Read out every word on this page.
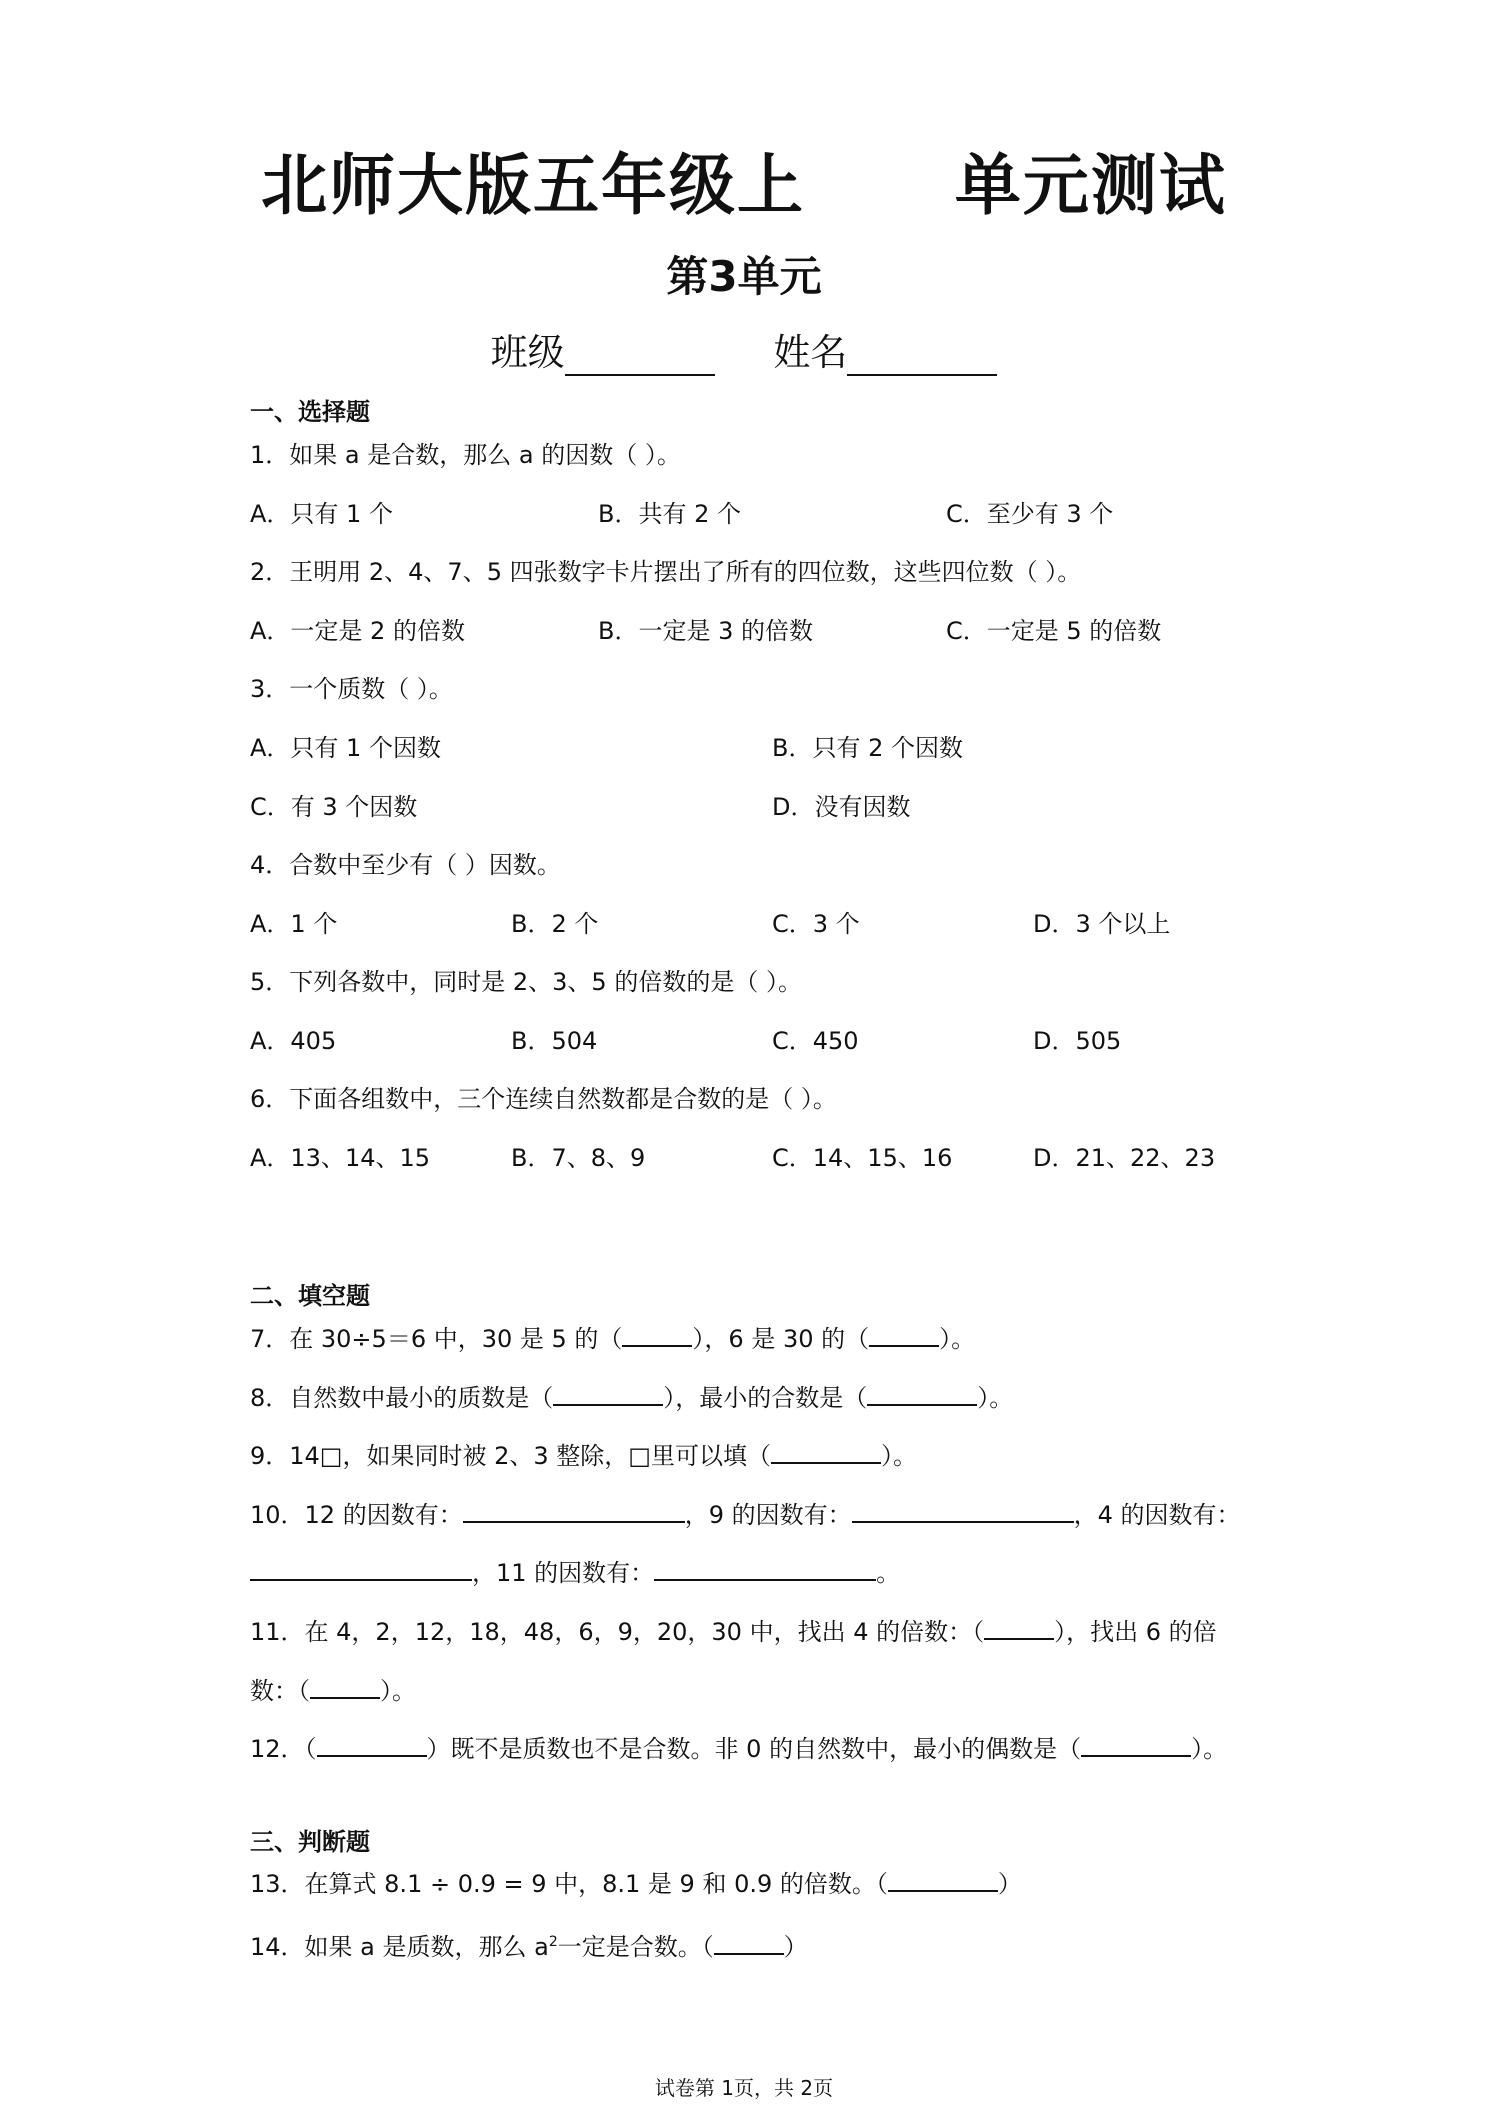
北师大版五年级上      单元测试
第3单元
班级	姓名
一、选择题
1．如果 a 是合数，那么 a 的因数（ ）。
A．只有 1 个	B．共有 2 个	C．至少有 3 个
2．王明用 2、4、7、5 四张数字卡片摆出了所有的四位数，这些四位数（ ）。
A．一定是 2 的倍数	B．一定是 3 的倍数	C．一定是 5 的倍数
3．一个质数（ ）。
A．只有 1 个因数	B．只有 2 个因数
C．有 3 个因数	D．没有因数
4．合数中至少有（ ）因数。
A．1 个	B．2 个	C．3 个	D．3 个以上
5．下列各数中，同时是 2、3、5 的倍数的是（ ）。
A．405	B．504	C．450	D．505
6．下面各组数中，三个连续自然数都是合数的是（ ）。
A．13、14、15	B．7、8、9	C．14、15、16	D．21、22、23
二、填空题
7．在 30÷5＝6 中，30 是 5 的（	），6 是 30 的（	）。
8．自然数中最小的质数是（	），最小的合数是（	）。
9．14□，如果同时被 2、3 整除，□里可以填（	）。
10．12 的因数有：	，9 的因数有：	，4 的因数有：
，11 的因数有：	。
11．在 4，2，12，18，48，6，9，20，30 中，找出 4 的倍数：（	），找出 6 的倍
数：（	）。
12．（	）既不是质数也不是合数。非 0 的自然数中，最小的偶数是（	）。
三、判断题
13．在算式 8.1 ÷ 0.9 = 9 中，8.1 是 9 和 0.9 的倍数。（	）
14．如果 a 是质数，那么 $a^2$一定是合数。（	）
试卷第 1页，共 2页
